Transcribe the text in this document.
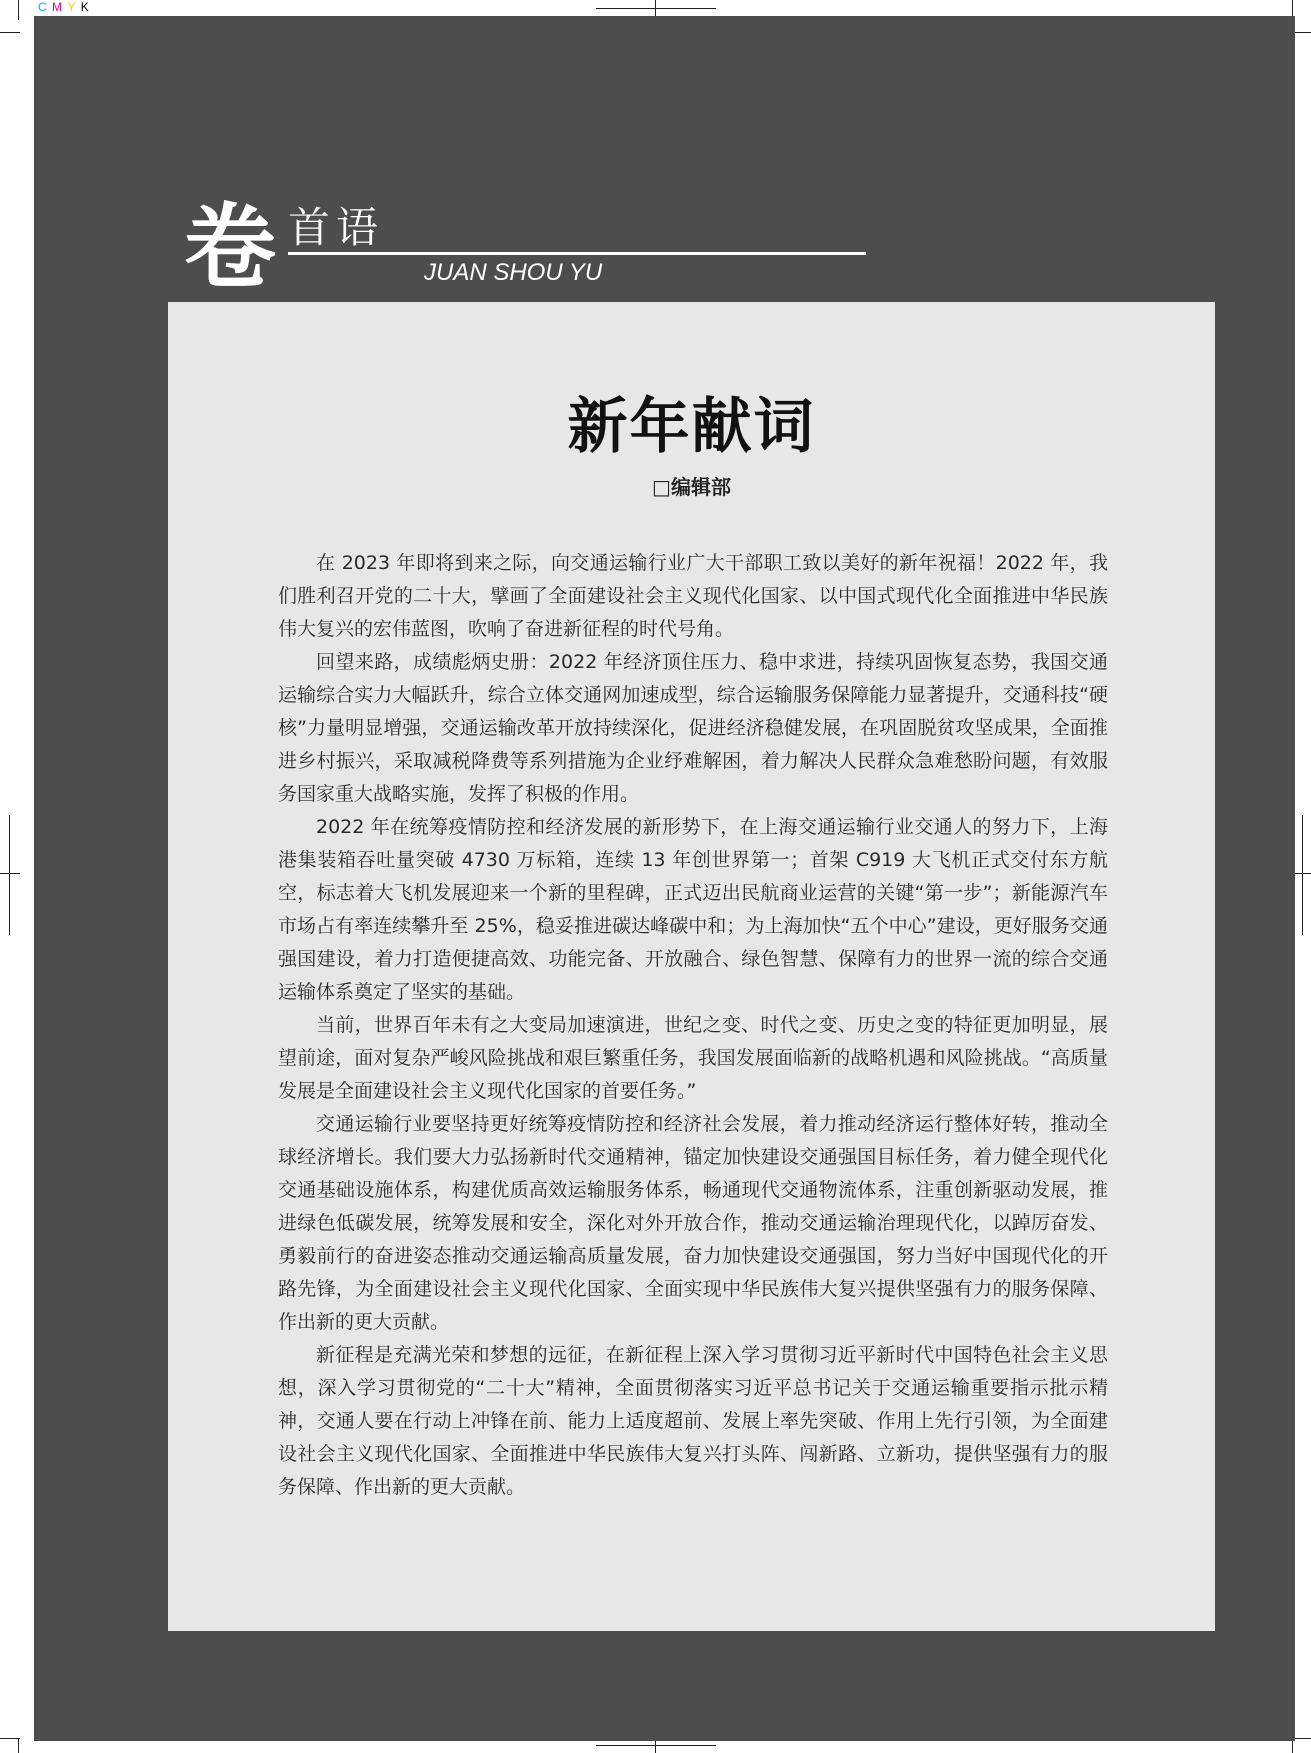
C M Y K
卷 首语
JUAN SHOU YU
新年献词
□编辑部

在 2023 年即将到来之际，向交通运输行业广大干部职工致以美好的新年祝福！2022 年，我们胜利召开党的二十大，擘画了全面建设社会主义现代化国家、以中国式现代化全面推进中华民族伟大复兴的宏伟蓝图，吹响了奋进新征程的时代号角。

回望来路，成绩彪炳史册：2022 年经济顶住压力、稳中求进，持续巩固恢复态势，我国交通运输综合实力大幅跃升，综合立体交通网加速成型，综合运输服务保障能力显著提升，交通科技“硬核”力量明显增强，交通运输改革开放持续深化，促进经济稳健发展，在巩固脱贫攻坚成果，全面推进乡村振兴，采取减税降费等系列措施为企业纾难解困，着力解决人民群众急难愁盼问题，有效服务国家重大战略实施，发挥了积极的作用。

2022 年在统筹疫情防控和经济发展的新形势下，在上海交通运输行业交通人的努力下，上海港集装箱吞吐量突破 4730 万标箱，连续 13 年创世界第一；首架 C919 大飞机正式交付东方航空，标志着大飞机发展迎来一个新的里程碑，正式迈出民航商业运营的关键“第一步”；新能源汽车市场占有率连续攀升至 25%，稳妥推进碳达峰碳中和；为上海加快“五个中心”建设，更好服务交通强国建设，着力打造便捷高效、功能完备、开放融合、绿色智慧、保障有力的世界一流的综合交通运输体系奠定了坚实的基础。

当前，世界百年未有之大变局加速演进，世纪之变、时代之变、历史之变的特征更加明显，展望前途，面对复杂严峻风险挑战和艰巨繁重任务，我国发展面临新的战略机遇和风险挑战。“高质量发展是全面建设社会主义现代化国家的首要任务。”

交通运输行业要坚持更好统筹疫情防控和经济社会发展，着力推动经济运行整体好转，推动全球经济增长。我们要大力弘扬新时代交通精神，锚定加快建设交通强国目标任务，着力健全现代化交通基础设施体系，构建优质高效运输服务体系，畅通现代交通物流体系，注重创新驱动发展，推进绿色低碳发展，统筹发展和安全，深化对外开放合作，推动交通运输治理现代化，以踔厉奋发、勇毅前行的奋进姿态推动交通运输高质量发展，奋力加快建设交通强国，努力当好中国现代化的开路先锋，为全面建设社会主义现代化国家、全面实现中华民族伟大复兴提供坚强有力的服务保障、作出新的更大贡献。

新征程是充满光荣和梦想的远征，在新征程上深入学习贯彻习近平新时代中国特色社会主义思想，深入学习贯彻党的“二十大”精神，全面贯彻落实习近平总书记关于交通运输重要指示批示精神，交通人要在行动上冲锋在前、能力上适度超前、发展上率先突破、作用上先行引领，为全面建设社会主义现代化国家、全面推进中华民族伟大复兴打头阵、闯新路、立新功，提供坚强有力的服务保障、作出新的更大贡献。
